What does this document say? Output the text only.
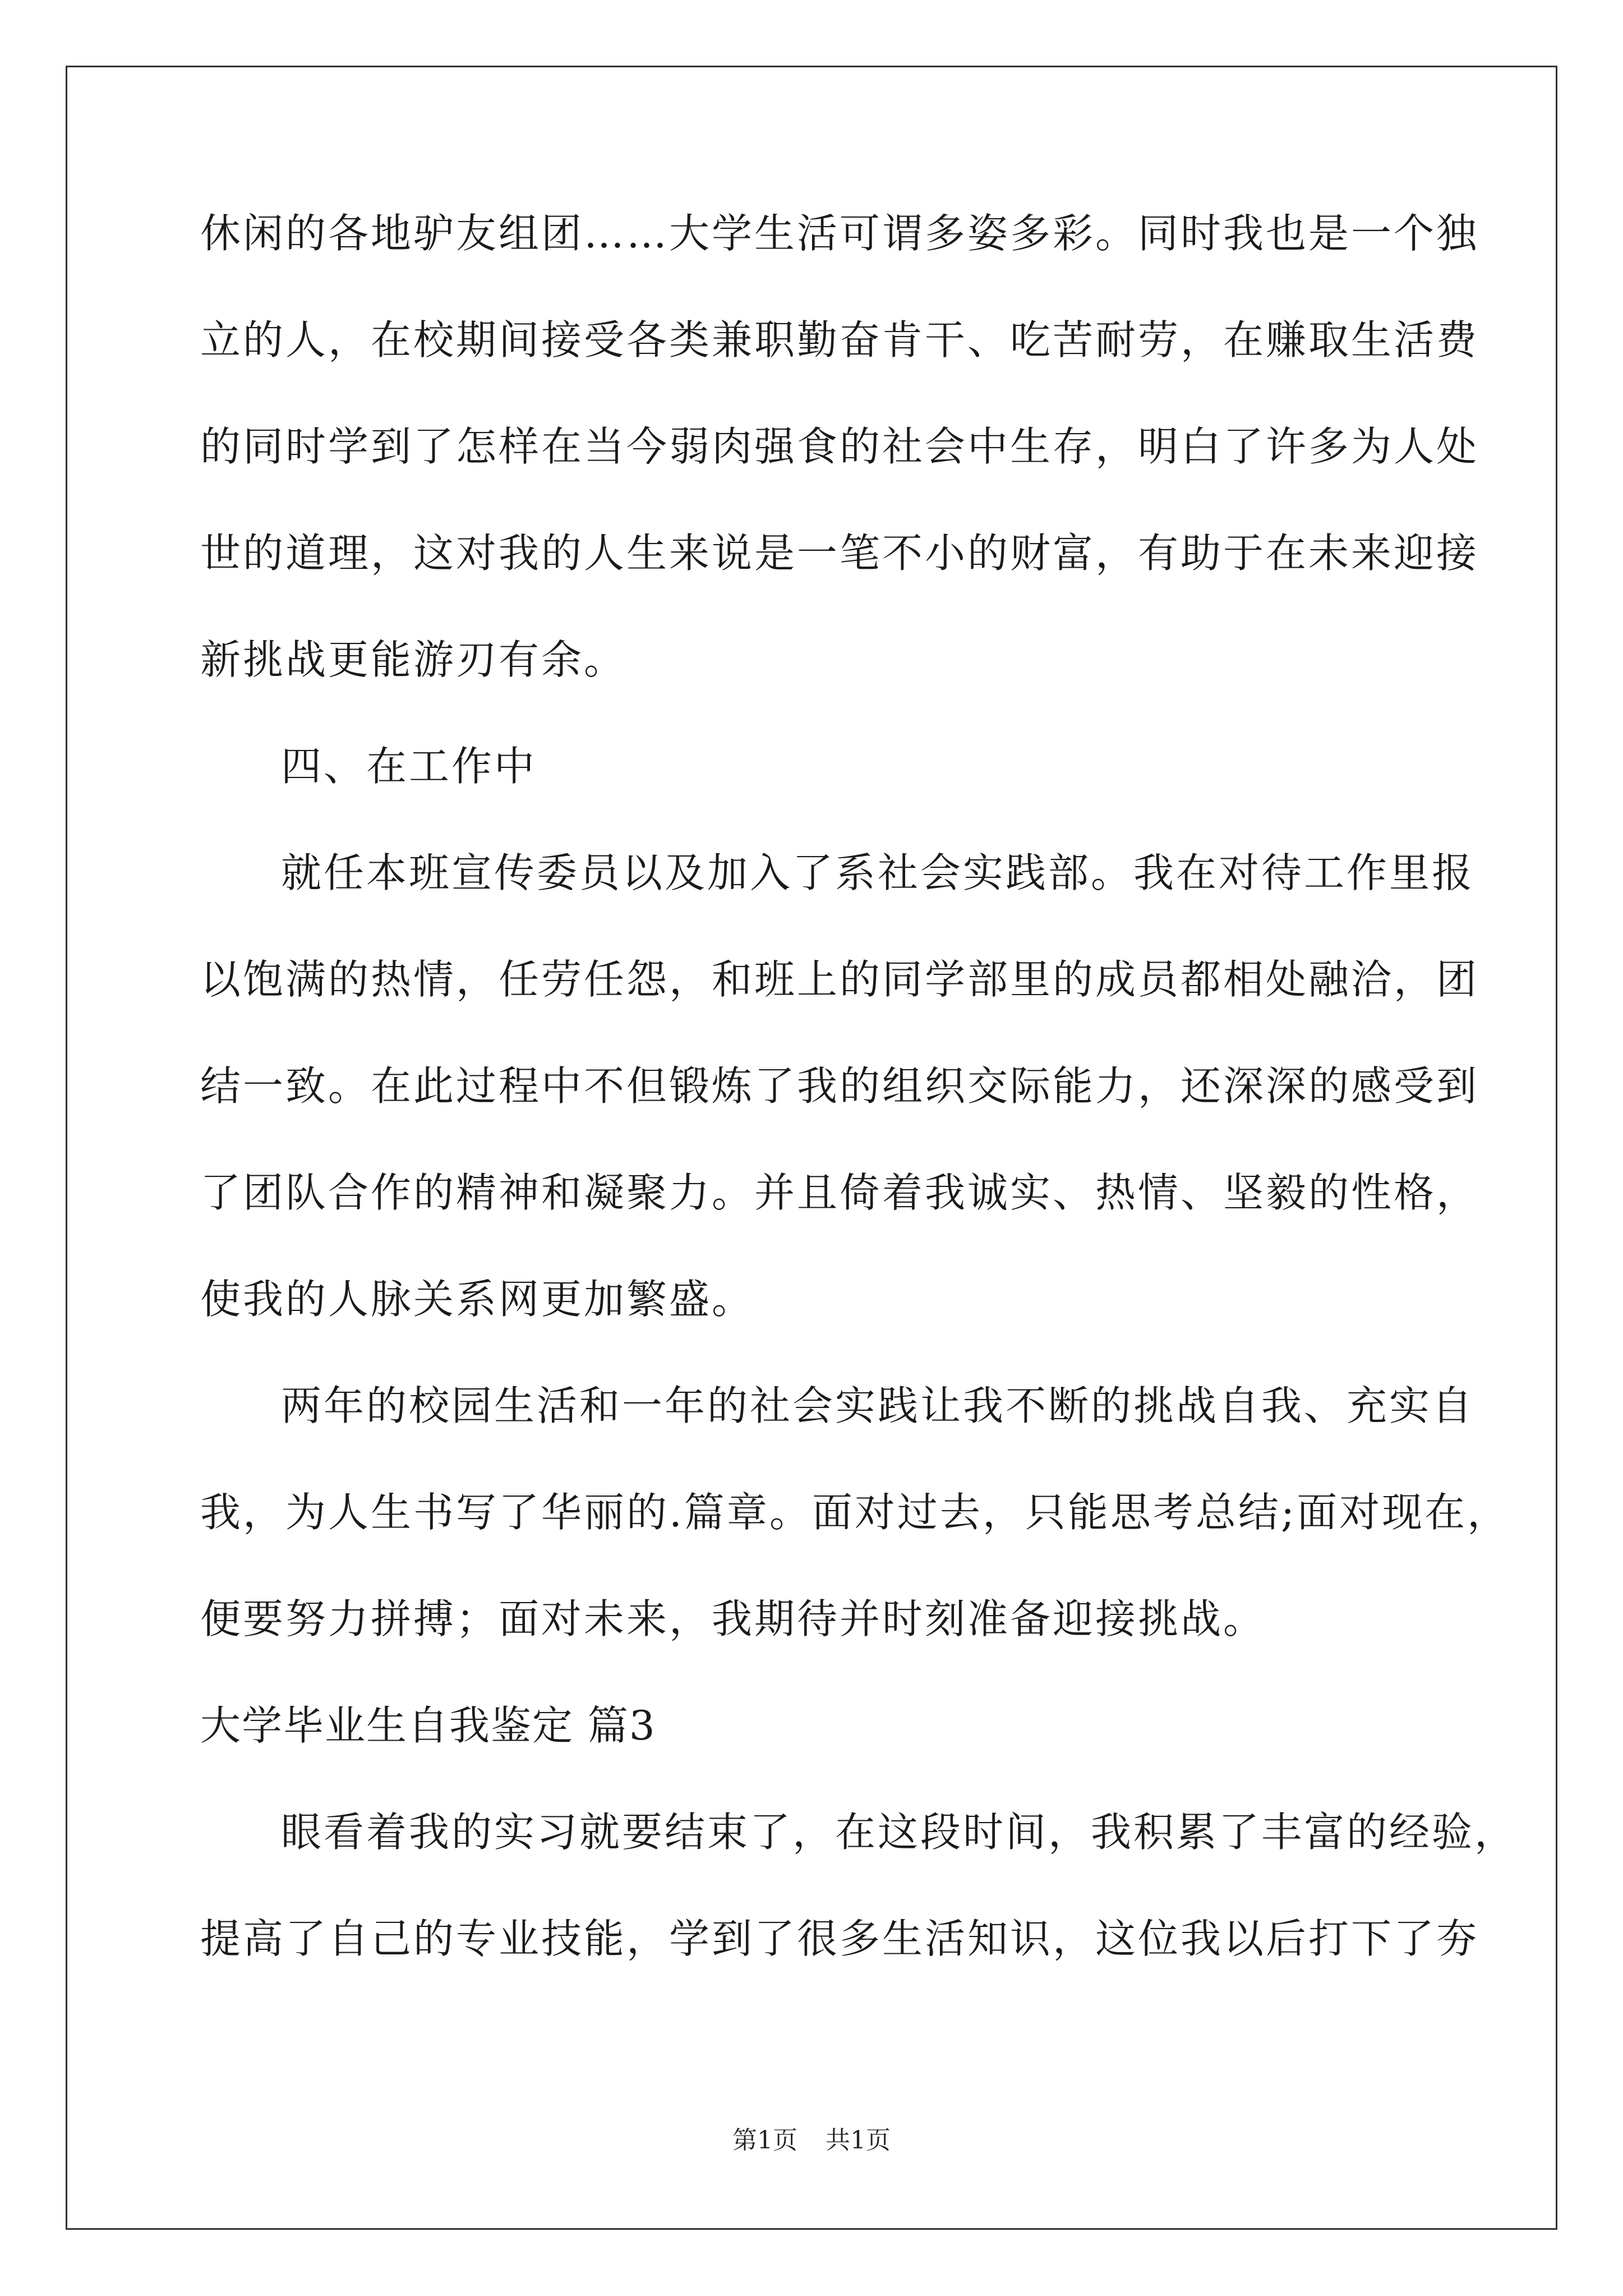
休闲的各地驴友组团……大学生活可谓多姿多彩。同时我也是一个独
立的人，在校期间接受各类兼职勤奋肯干、吃苦耐劳，在赚取生活费
的同时学到了怎样在当今弱肉强食的社会中生存，明白了许多为人处
世的道理，这对我的人生来说是一笔不小的财富，有助于在未来迎接
新挑战更能游刃有余。
四、在工作中
就任本班宣传委员以及加入了系社会实践部。我在对待工作里报
以饱满的热情，任劳任怨，和班上的同学部里的成员都相处融洽，团
结一致。在此过程中不但锻炼了我的组织交际能力，还深深的感受到
了团队合作的精神和凝聚力。并且倚着我诚实、热情、坚毅的性格，
使我的人脉关系网更加繁盛。
两年的校园生活和一年的社会实践让我不断的挑战自我、充实自
我，为人生书写了华丽的.篇章。面对过去，只能思考总结;面对现在，
便要努力拼搏；面对未来，我期待并时刻准备迎接挑战。
大学毕业生自我鉴定 篇3
眼看着我的实习就要结束了，在这段时间，我积累了丰富的经验，
提高了自己的专业技能，学到了很多生活知识，这位我以后打下了夯
第1页 共1页
